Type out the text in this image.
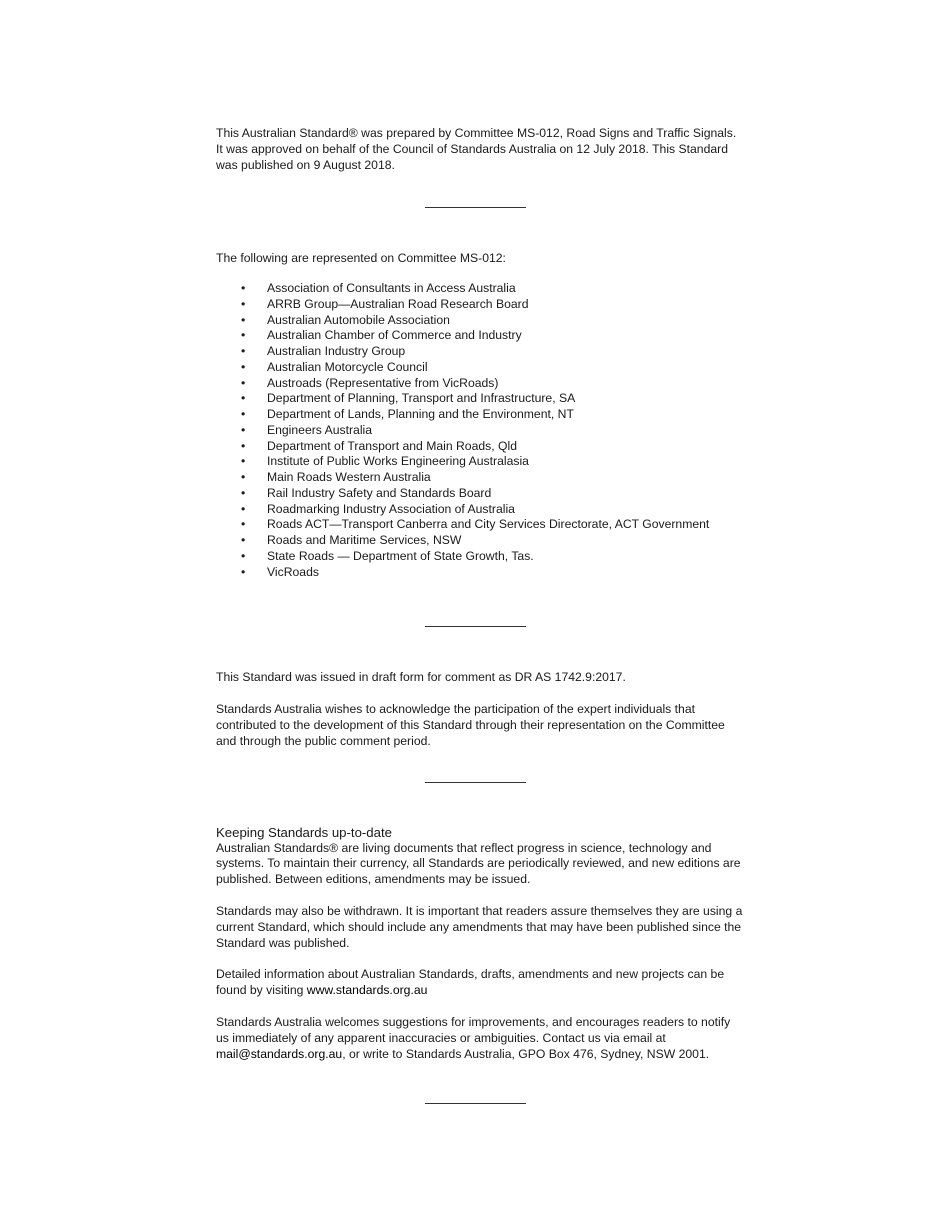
This Australian Standard® was prepared by Committee MS-012, Road Signs and Traffic Signals. It was approved on behalf of the Council of Standards Australia on 12 July 2018. This Standard was published on 9 August 2018.

The following are represented on Committee MS-012:

• Association of Consultants in Access Australia
• ARRB Group—Australian Road Research Board
• Australian Automobile Association
• Australian Chamber of Commerce and Industry
• Australian Industry Group
• Australian Motorcycle Council
• Austroads (Representative from VicRoads)
• Department of Planning, Transport and Infrastructure, SA
• Department of Lands, Planning and the Environment, NT
• Engineers Australia
• Department of Transport and Main Roads, Qld
• Institute of Public Works Engineering Australasia
• Main Roads Western Australia
• Rail Industry Safety and Standards Board
• Roadmarking Industry Association of Australia
• Roads ACT—Transport Canberra and City Services Directorate, ACT Government
• Roads and Maritime Services, NSW
• State Roads — Department of State Growth, Tas.
• VicRoads

This Standard was issued in draft form for comment as DR AS 1742.9:2017.

Standards Australia wishes to acknowledge the participation of the expert individuals that contributed to the development of this Standard through their representation on the Committee and through the public comment period.

Keeping Standards up-to-date

Australian Standards® are living documents that reflect progress in science, technology and systems. To maintain their currency, all Standards are periodically reviewed, and new editions are published. Between editions, amendments may be issued.

Standards may also be withdrawn. It is important that readers assure themselves they are using a current Standard, which should include any amendments that may have been published since the Standard was published.

Detailed information about Australian Standards, drafts, amendments and new projects can be found by visiting www.standards.org.au

Standards Australia welcomes suggestions for improvements, and encourages readers to notify us immediately of any apparent inaccuracies or ambiguities. Contact us via email at mail@standards.org.au, or write to Standards Australia, GPO Box 476, Sydney, NSW 2001.
